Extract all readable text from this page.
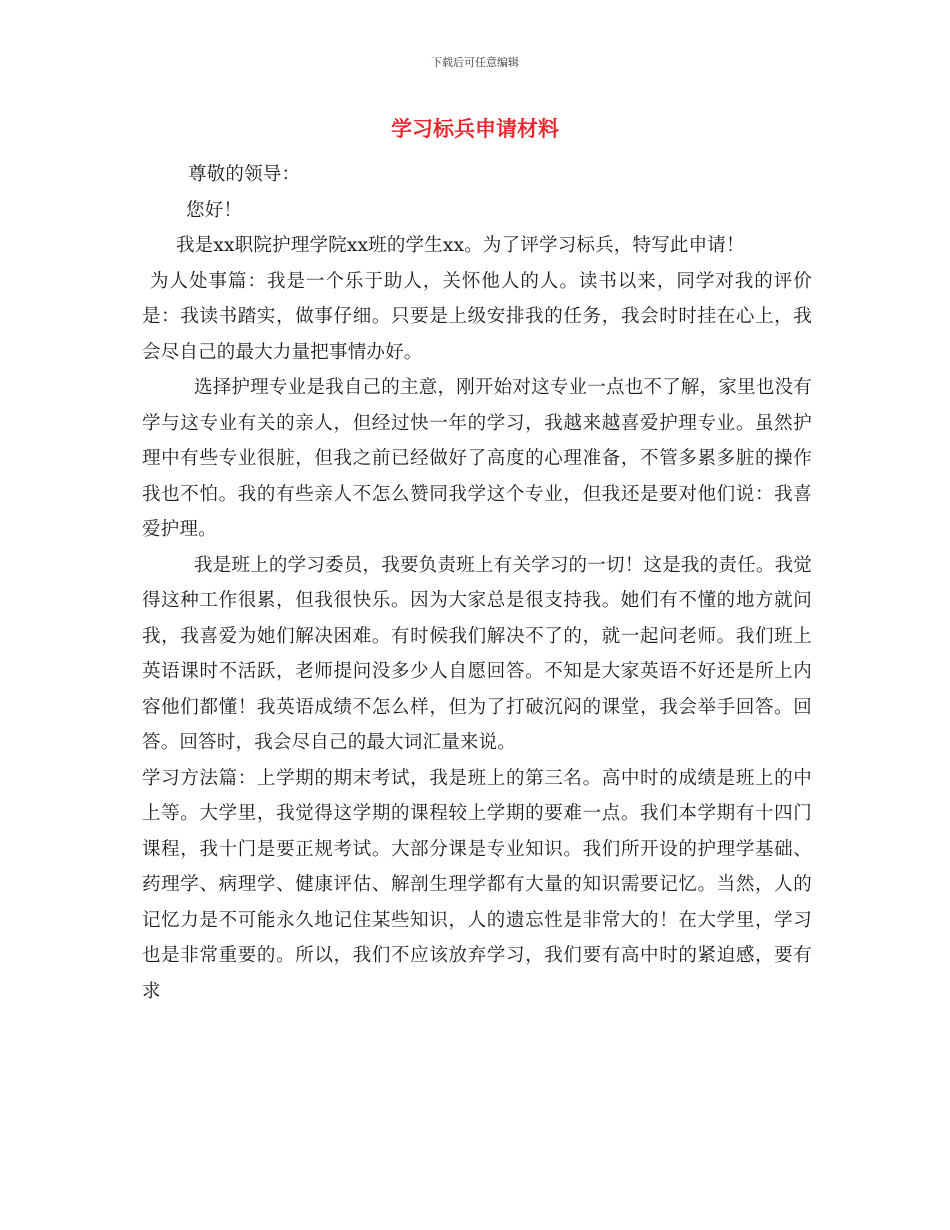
下载后可任意编辑
学习标兵申请材料

尊敬的领导：

您好！

我是xx职院护理学院xx班的学生xx。为了评学习标兵，特写此申请！

为人处事篇：我是一个乐于助人，关怀他人的人。读书以来，同学对我的评价是：我读书踏实，做事仔细。只要是上级安排我的任务，我会时时挂在心上，我会尽自己的最大力量把事情办好。

选择护理专业是我自己的主意，刚开始对这专业一点也不了解，家里也没有学与这专业有关的亲人，但经过快一年的学习，我越来越喜爱护理专业。虽然护理中有些专业很脏，但我之前已经做好了高度的心理准备，不管多累多脏的操作我也不怕。我的有些亲人不怎么赞同我学这个专业，但我还是要对他们说：我喜爱护理。

我是班上的学习委员，我要负责班上有关学习的一切！这是我的责任。我觉得这种工作很累，但我很快乐。因为大家总是很支持我。她们有不懂的地方就问我，我喜爱为她们解决困难。有时候我们解决不了的，就一起问老师。我们班上英语课时不活跃，老师提问没多少人自愿回答。不知是大家英语不好还是所上内容他们都懂！我英语成绩不怎么样，但为了打破沉闷的课堂，我会举手回答。回答。回答时，我会尽自己的最大词汇量来说。

学习方法篇：上学期的期末考试，我是班上的第三名。高中时的成绩是班上的中上等。大学里，我觉得这学期的课程较上学期的要难一点。我们本学期有十四门课程，我十门是要正规考试。大部分课是专业知识。我们所开设的护理学基础、药理学、病理学、健康评估、解剖生理学都有大量的知识需要记忆。当然，人的记忆力是不可能永久地记住某些知识，人的遗忘性是非常大的！在大学里，学习也是非常重要的。所以，我们不应该放弃学习，我们要有高中时的紧迫感，要有求
